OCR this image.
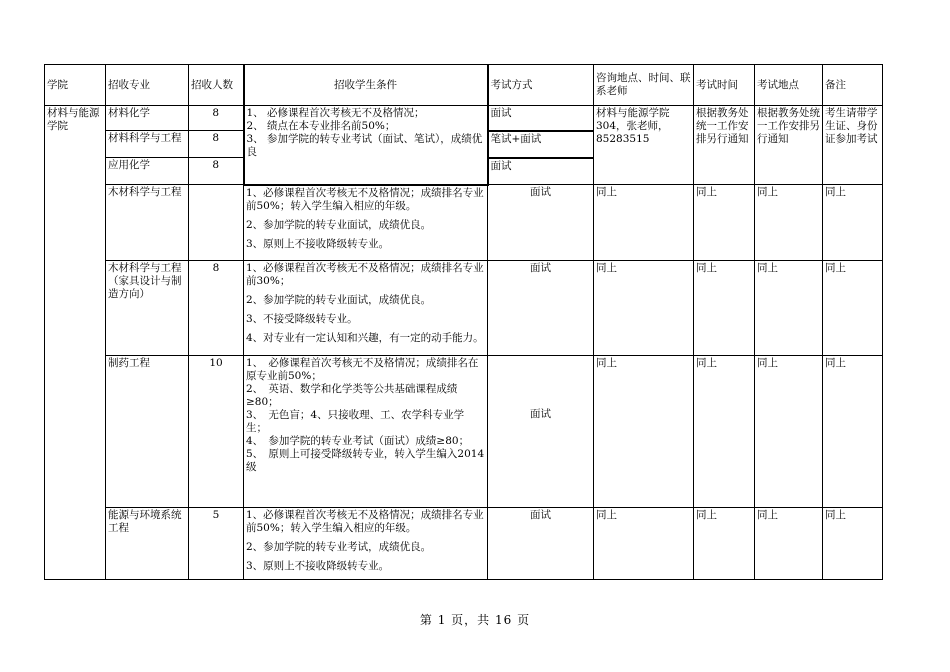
学院	招收专业	招收人数	招收学生条件	考试方式	咨询地点、时间、联系老师	考试时间	考试地点	备注
材料与能源学院	材料化学	8	1、 必修课程首次考核无不及格情况；
2、 绩点在本专业排名前50%；
3、 参加学院的转专业考试（面试、笔试），成绩优良	面试	材料与能源学院304，张老师，85283515	根据教务处统一工作安排另行通知	根据教务处统一工作安排另行通知	考生请带学生证、身份证参加考试
	材料科学与工程	8		笔试+面试				
	应用化学	8		面试				
	木材科学与工程		1、必修课程首次考核无不及格情况；成绩排名专业前50%；转入学生编入相应的年级。

2、参加学院的转专业面试，成绩优良。

3、原则上不接收降级转专业。	面试	同上	同上	同上	同上
	木材科学与工程（家具设计与制造方向）	8	1、必修课程首次考核无不及格情况；成绩排名专业前30%；

2、参加学院的转专业面试，成绩优良。

3、不接受降级转专业。

4、对专业有一定认知和兴趣，有一定的动手能力。	面试	同上	同上	同上	同上
	制药工程	10	1、　必修课程首次考核无不及格情况；成绩排名在原专业前50%；
2、　英语、数学和化学类等公共基础课程成绩≥80；
3、　无色盲；4、只接收理、工、农学科专业学生；
4、　参加学院的转专业考试（面试）成绩≥80；
5、　原则上可接受降级转专业，转入学生编入2014级	面试	同上	同上	同上	同上
	能源与环境系统工程	5	1、必修课程首次考核无不及格情况；成绩排名专业前50%；转入学生编入相应的年级。

2、参加学院的转专业考试，成绩优良。

3、原则上不接收降级转专业。	面试	同上	同上	同上	同上
第 1 页，共 16 页
